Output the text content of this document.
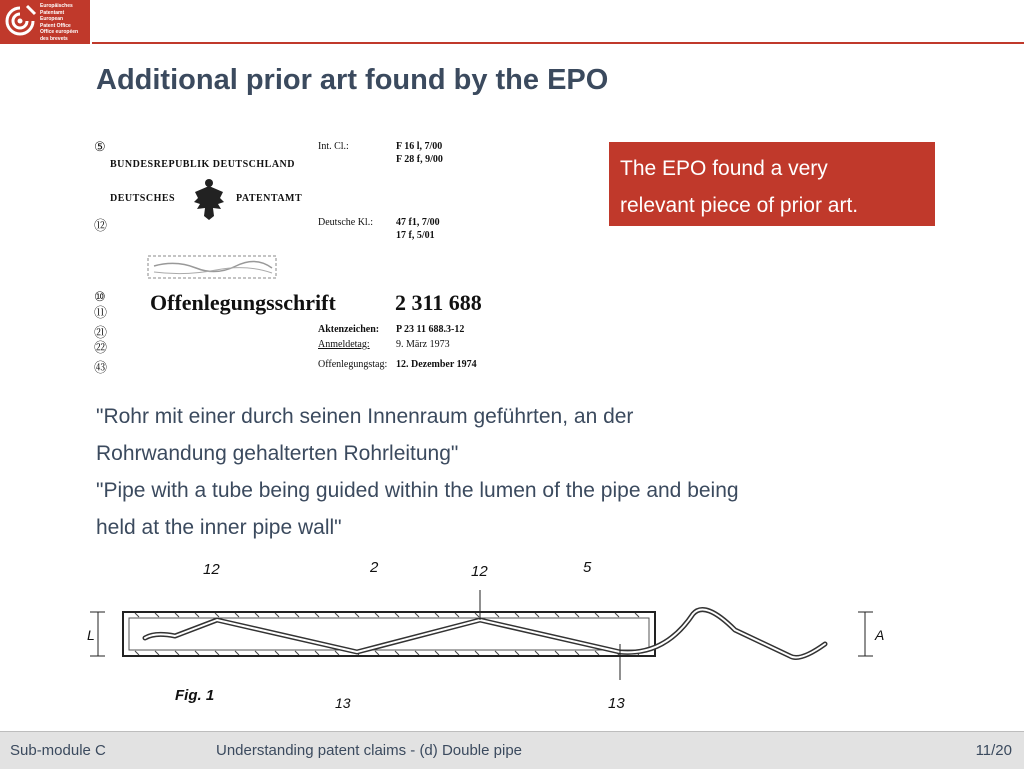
Europäisches
Patentamt
European
Patent Office
Office européen
des brevets
Additional prior art found by the EPO
The EPO found a very
relevant piece of prior art.
⑤	Int. Cl.:	F 16 l, 7/00
F 28 f, 9/00
BUNDESREPUBLIK DEUTSCHLAND
DEUTSCHES	PATENTAMT
⑫	Deutsche Kl.: 47 f1, 7/00
17 f, 5/01
⑩
⑪ Offenlegungsschrift	2 311 688
㉑
㉒
㊸
Aktenzeichen: P 23 11 688.3-12
Anmeldetag:	9. März 1973
Offenlegungstag: 12. Dezember 1974
"Rohr mit einer durch seinen Innenraum geführten, an der
Rohrwandung gehalterten Rohrleitung"
"Pipe with a tube being guided within the lumen of the pipe and being
held at the inner pipe wall"
12	2	12	5
L	A
Fig. 1	13	13
Sub-module C	Understanding patent claims - (d) Double pipe	11/20
